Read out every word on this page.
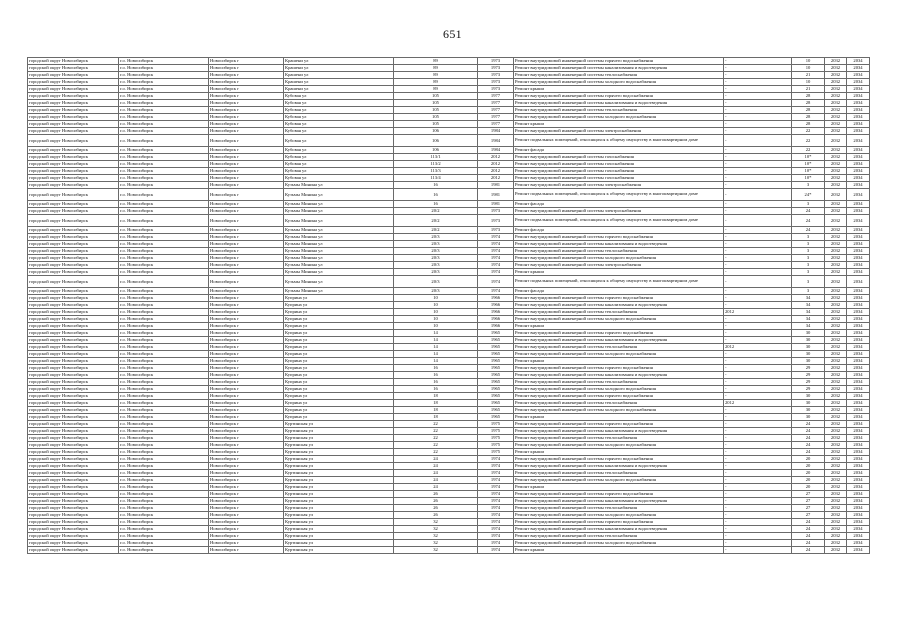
651
городской округ Новосибирск	г.о. Новосибирск	Новосибирск г	Крашени ул	89	1973	Ремонт внутридомовой инженерной системы горячего водоснабжения	-	10	2032	2034
городской округ Новосибирск	г.о. Новосибирск	Новосибирск г	Крашени ул	89	1973	Ремонт внутридомовой инженерной системы канализования и водоотведения	-	10	2032	2034
городской округ Новосибирск	г.о. Новосибирск	Новосибирск г	Крашени ул	89	1973	Ремонт внутридомовой инженерной системы теплоснабжения	-	21	2032	2034
городской округ Новосибирск	г.о. Новосибирск	Новосибирск г	Крашени ул	89	1973	Ремонт внутридомовой инженерной системы холодного водоснабжения	-	10	2032	2034
городской округ Новосибирск	г.о. Новосибирск	Новосибирск г	Крашени ул	89	1973	Ремонт крыши	-	21	2032	2034
городской округ Новосибирск	г.о. Новосибирск	Новосибирск г	Кубовая ул	105	1977	Ремонт внутридомовой инженерной системы горячего водоснабжения	-	28	2032	2034
городской округ Новосибирск	г.о. Новосибирск	Новосибирск г	Кубовая ул	105	1977	Ремонт внутридомовой инженерной системы канализования и водоотведения	-	28	2032	2034
городской округ Новосибирск	г.о. Новосибирск	Новосибирск г	Кубовая ул	105	1977	Ремонт внутридомовой инженерной системы теплоснабжения	-	28	2032	2034
городской округ Новосибирск	г.о. Новосибирск	Новосибирск г	Кубовая ул	105	1977	Ремонт внутридомовой инженерной системы холодного водоснабжения	-	28	2032	2034
городской округ Новосибирск	г.о. Новосибирск	Новосибирск г	Кубовая ул	105	1977	Ремонт крыши	-	28	2032	2034
городской округ Новосибирск	г.о. Новосибирск	Новосибирск г	Кубовая ул	106	1984	Ремонт внутридомовой инженерной системы электроснабжения	-	22	2032	2034
городской округ Новосибирск	г.о. Новосибирск	Новосибирск г	Кубовая ул	106	1984	Ремонт подвальных помещений, относящихся к общему имуществу в многоквартирном доме	-	22	2032	2034
городской округ Новосибирск	г.о. Новосибирск	Новосибирск г	Кубовая ул	106	1984	Ремонт фасада	-	22	2032	2034
городской округ Новосибирск	г.о. Новосибирск	Новосибирск г	Кубовая ул	113/1	2012	Ремонт внутридомовой инженерной системы газоснабжения	-	10*	2032	2034
городской округ Новосибирск	г.о. Новосибирск	Новосибирск г	Кубовая ул	113/2	2012	Ремонт внутридомовой инженерной системы газоснабжения	-	10*	2032	2034
городской округ Новосибирск	г.о. Новосибирск	Новосибирск г	Кубовая ул	113/3	2012	Ремонт внутридомовой инженерной системы газоснабжения	-	10*	2032	2034
городской округ Новосибирск	г.о. Новосибирск	Новосибирск г	Кубовая ул	113/4	2012	Ремонт внутридомовой инженерной системы газоснабжения	-	10*	2032	2034
городской округ Новосибирск	г.о. Новосибирск	Новосибирск г	Кузьмы Минина ул	16	1981	Ремонт внутридомовой инженерной системы электроснабжения	-	3	2032	2034
городской округ Новосибирск	г.о. Новосибирск	Новосибирск г	Кузьмы Минина ул	16	1981	Ремонт подвальных помещений, относящихся к общему имуществу в многоквартирном доме	-	24*	2032	2034
городской округ Новосибирск	г.о. Новосибирск	Новосибирск г	Кузьмы Минина ул	16	1981	Ремонт фасада	-	3	2032	2034
городской округ Новосибирск	г.о. Новосибирск	Новосибирск г	Кузьмы Минина ул	20/2	1973	Ремонт внутридомовой инженерной системы электроснабжения	-	24	2032	2034
городской округ Новосибирск	г.о. Новосибирск	Новосибирск г	Кузьмы Минина ул	20/2	1973	Ремонт подвальных помещений, относящихся к общему имуществу в многоквартирном доме	-	24	2032	2034
городской округ Новосибирск	г.о. Новосибирск	Новосибирск г	Кузьмы Минина ул	20/2	1973	Ремонт фасада	-	24	2032	2034
городской округ Новосибирск	г.о. Новосибирск	Новосибирск г	Кузьмы Минина ул	20/3	1974	Ремонт внутридомовой инженерной системы горячего водоснабжения	-	3	2032	2034
городской округ Новосибирск	г.о. Новосибирск	Новосибирск г	Кузьмы Минина ул	20/3	1974	Ремонт внутридомовой инженерной системы канализования и водоотведения	-	3	2032	2034
городской округ Новосибирск	г.о. Новосибирск	Новосибирск г	Кузьмы Минина ул	20/3	1974	Ремонт внутридомовой инженерной системы теплоснабжения	-	3	2032	2034
городской округ Новосибирск	г.о. Новосибирск	Новосибирск г	Кузьмы Минина ул	20/3	1974	Ремонт внутридомовой инженерной системы холодного водоснабжения	-	3	2032	2034
городской округ Новосибирск	г.о. Новосибирск	Новосибирск г	Кузьмы Минина ул	20/3	1974	Ремонт внутридомовой инженерной системы электроснабжения	-	3	2032	2034
городской округ Новосибирск	г.о. Новосибирск	Новосибирск г	Кузьмы Минина ул	20/3	1974	Ремонт крыши	-	3	2032	2034
городской округ Новосибирск	г.о. Новосибирск	Новосибирск г	Кузьмы Минина ул	20/3	1974	Ремонт подвальных помещений, относящихся к общему имуществу в многоквартирном доме	-	3	2032	2034
городской округ Новосибирск	г.о. Новосибирск	Новосибирск г	Кузьмы Минина ул	20/3	1974	Ремонт фасада	-	3	2032	2034
городской округ Новосибирск	г.о. Новосибирск	Новосибирск г	Куприна ул	10	1966	Ремонт внутридомовой инженерной системы горячего водоснабжения	-	34	2032	2034
городской округ Новосибирск	г.о. Новосибирск	Новосибирск г	Куприна ул	10	1966	Ремонт внутридомовой инженерной системы канализования и водоотведения	-	34	2032	2034
городской округ Новосибирск	г.о. Новосибирск	Новосибирск г	Куприна ул	10	1966	Ремонт внутридомовой инженерной системы теплоснабжения	2012	34	2032	2034
городской округ Новосибирск	г.о. Новосибирск	Новосибирск г	Куприна ул	10	1966	Ремонт внутридомовой инженерной системы холодного водоснабжения	-	34	2032	2034
городской округ Новосибирск	г.о. Новосибирск	Новосибирск г	Куприна ул	10	1966	Ремонт крыши	-	34	2032	2034
городской округ Новосибирск	г.о. Новосибирск	Новосибирск г	Куприна ул	14	1965	Ремонт внутридомовой инженерной системы горячего водоснабжения	-	30	2032	2034
городской округ Новосибирск	г.о. Новосибирск	Новосибирск г	Куприна ул	14	1965	Ремонт внутридомовой инженерной системы канализования и водоотведения	-	30	2032	2034
городской округ Новосибирск	г.о. Новосибирск	Новосибирск г	Куприна ул	14	1965	Ремонт внутридомовой инженерной системы теплоснабжения	2012	30	2032	2034
городской округ Новосибирск	г.о. Новосибирск	Новосибирск г	Куприна ул	14	1965	Ремонт внутридомовой инженерной системы холодного водоснабжения	-	30	2032	2034
городской округ Новосибирск	г.о. Новосибирск	Новосибирск г	Куприна ул	14	1965	Ремонт крыши	-	30	2032	2034
городской округ Новосибирск	г.о. Новосибирск	Новосибирск г	Куприна ул	16	1965	Ремонт внутридомовой инженерной системы горячего водоснабжения	-	29	2032	2034
городской округ Новосибирск	г.о. Новосибирск	Новосибирск г	Куприна ул	16	1965	Ремонт внутридомовой инженерной системы канализования и водоотведения	-	29	2032	2034
городской округ Новосибирск	г.о. Новосибирск	Новосибирск г	Куприна ул	16	1965	Ремонт внутридомовой инженерной системы теплоснабжения	-	29	2032	2034
городской округ Новосибирск	г.о. Новосибирск	Новосибирск г	Куприна ул	16	1965	Ремонт внутридомовой инженерной системы холодного водоснабжения	-	29	2032	2034
городской округ Новосибирск	г.о. Новосибирск	Новосибирск г	Куприна ул	18	1965	Ремонт внутридомовой инженерной системы горячего водоснабжения	-	30	2032	2034
городской округ Новосибирск	г.о. Новосибирск	Новосибирск г	Куприна ул	18	1965	Ремонт внутридомовой инженерной системы теплоснабжения	2012	30	2032	2034
городской округ Новосибирск	г.о. Новосибирск	Новосибирск г	Куприна ул	18	1965	Ремонт внутридомовой инженерной системы холодного водоснабжения	-	30	2032	2034
городской округ Новосибирск	г.о. Новосибирск	Новосибирск г	Куприна ул	18	1965	Ремонт крыши	-	30	2032	2034
городской округ Новосибирск	г.о. Новосибирск	Новосибирск г	Куртинская ул	22	1975	Ремонт внутридомовой инженерной системы горячего водоснабжения	-	24	2032	2034
городской округ Новосибирск	г.о. Новосибирск	Новосибирск г	Куртинская ул	22	1975	Ремонт внутридомовой инженерной системы канализования и водоотведения	-	24	2032	2034
городской округ Новосибирск	г.о. Новосибирск	Новосибирск г	Куртинская ул	22	1975	Ремонт внутридомовой инженерной системы теплоснабжения	-	24	2032	2034
городской округ Новосибирск	г.о. Новосибирск	Новосибирск г	Куртинская ул	22	1975	Ремонт внутридомовой инженерной системы холодного водоснабжения	-	24	2032	2034
городской округ Новосибирск	г.о. Новосибирск	Новосибирск г	Куртинская ул	22	1975	Ремонт крыши	-	24	2032	2034
городской округ Новосибирск	г.о. Новосибирск	Новосибирск г	Куртинская ул	24	1974	Ремонт внутридомовой инженерной системы горячего водоснабжения	-	20	2032	2034
городской округ Новосибирск	г.о. Новосибирск	Новосибирск г	Куртинская ул	24	1974	Ремонт внутридомовой инженерной системы канализования и водоотведения	-	20	2032	2034
городской округ Новосибирск	г.о. Новосибирск	Новосибирск г	Куртинская ул	24	1974	Ремонт внутридомовой инженерной системы теплоснабжения	-	20	2032	2034
городской округ Новосибирск	г.о. Новосибирск	Новосибирск г	Куртинская ул	24	1974	Ремонт внутридомовой инженерной системы холодного водоснабжения	-	20	2032	2034
городской округ Новосибирск	г.о. Новосибирск	Новосибирск г	Куртинская ул	24	1974	Ремонт крыши	-	20	2032	2034
городской округ Новосибирск	г.о. Новосибирск	Новосибирск г	Куртинская ул	26	1974	Ремонт внутридомовой инженерной системы горячего водоснабжения	-	27	2032	2034
городской округ Новосибирск	г.о. Новосибирск	Новосибирск г	Куртинская ул	26	1974	Ремонт внутридомовой инженерной системы канализования и водоотведения	-	27	2032	2034
городской округ Новосибирск	г.о. Новосибирск	Новосибирск г	Куртинская ул	26	1974	Ремонт внутридомовой инженерной системы теплоснабжения	-	27	2032	2034
городской округ Новосибирск	г.о. Новосибирск	Новосибирск г	Куртинская ул	26	1974	Ремонт внутридомовой инженерной системы холодного водоснабжения	-	27	2032	2034
городской округ Новосибирск	г.о. Новосибирск	Новосибирск г	Куртинская ул	32	1974	Ремонт внутридомовой инженерной системы горячего водоснабжения	-	24	2032	2034
городской округ Новосибирск	г.о. Новосибирск	Новосибирск г	Куртинская ул	32	1974	Ремонт внутридомовой инженерной системы канализования и водоотведения	-	24	2032	2034
городской округ Новосибирск	г.о. Новосибирск	Новосибирск г	Куртинская ул	32	1974	Ремонт внутридомовой инженерной системы теплоснабжения	-	24	2032	2034
городской округ Новосибирск	г.о. Новосибирск	Новосибирск г	Куртинская ул	32	1974	Ремонт внутридомовой инженерной системы холодного водоснабжения	-	24	2032	2034
городской округ Новосибирск	г.о. Новосибирск	Новосибирск г	Куртинская ул	32	1974	Ремонт крыши	-	24	2032	2034
